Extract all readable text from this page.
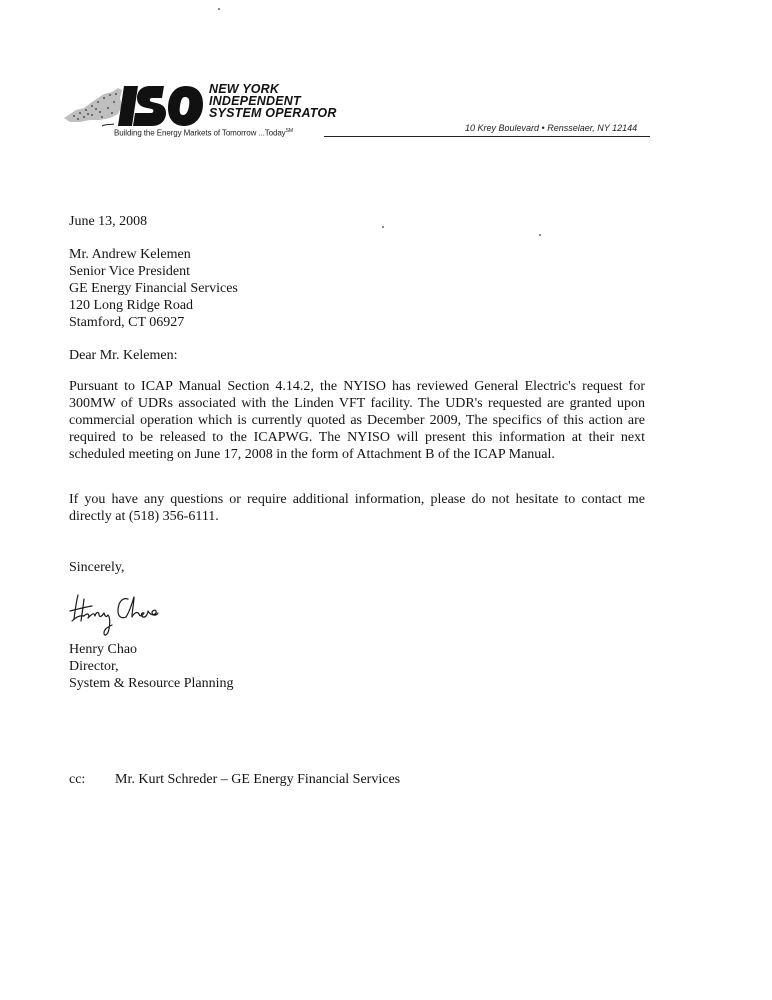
NEW YORK
INDEPENDENT
SYSTEM OPERATOR
Building the Energy Markets of Tomorrow ...Today℠	10 Krey Boulevard • Rensselaer, NY 12144
June 13, 2008
Mr. Andrew Kelemen
Senior Vice President
GE Energy Financial Services
120 Long Ridge Road
Stamford, CT 06927
Dear Mr. Kelemen:
Pursuant to ICAP Manual Section 4.14.2, the NYISO has reviewed General Electric's request for 300MW of UDRs associated with the Linden VFT facility. The UDR's requested are granted upon commercial operation which is currently quoted as December 2009, The specifics of this action are required to be released to the ICAPWG. The NYISO will present this information at their next scheduled meeting on June 17, 2008 in the form of Attachment B of the ICAP Manual.
If you have any questions or require additional information, please do not hesitate to contact me directly at (518) 356-6111.
Sincerely,
Henry Chao
Director,
System & Resource Planning
cc: Mr. Kurt Schreder – GE Energy Financial Services
